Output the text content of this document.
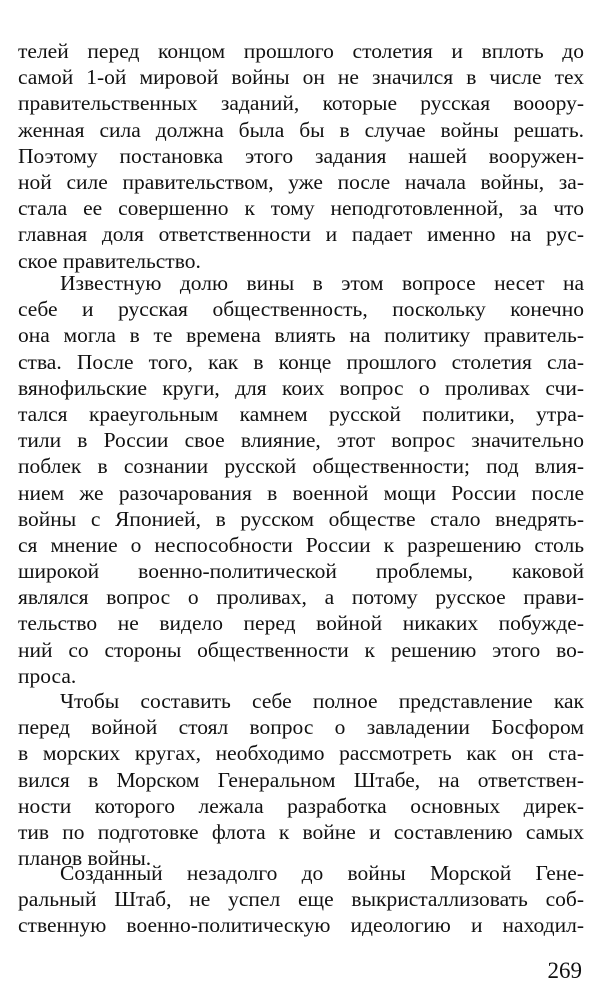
телей перед концом прошлого столетия и вплоть до
самой 1-ой мировой войны он не значился в числе тех
правительственных заданий, которые русская вооору-
женная сила должна была бы в случае войны решать.
Поэтому постановка этого задания нашей вооружен-
ной силе правительством, уже после начала войны, за-
стала ее совершенно к тому неподготовленной, за что
главная доля ответственности и падает именно на рус-
ское правительство.
Известную долю вины в этом вопросе несет на
себе и русская общественность, поскольку конечно
она могла в те времена влиять на политику правитель-
ства. После того, как в конце прошлого столетия сла-
вянофильские круги, для коих вопрос о проливах счи-
тался краеугольным камнем русской политики, утра-
тили в России свое влияние, этот вопрос значительно
поблек в сознании русской общественности; под влия-
нием же разочарования в военной мощи России после
войны с Японией, в русском обществе стало внедрять-
ся мнение о неспособности России к разрешению столь
широкой военно-политической проблемы, каковой
являлся вопрос о проливах, а потому русское прави-
тельство не видело перед войной никаких побужде-
ний со стороны общественности к решению этого во-
проса.
Чтобы составить себе полное представление как
перед войной стоял вопрос о завладении Босфором
в морских кругах, необходимо рассмотреть как он ста-
вился в Морском Генеральном Штабе, на ответствен-
ности которого лежала разработка основных дирек-
тив по подготовке флота к войне и составлению самых
планов войны.
Созданный незадолго до войны Морской Гене-
ральный Штаб, не успел еще выкристаллизовать соб-
ственную военно-политическую идеологию и находил-
269
